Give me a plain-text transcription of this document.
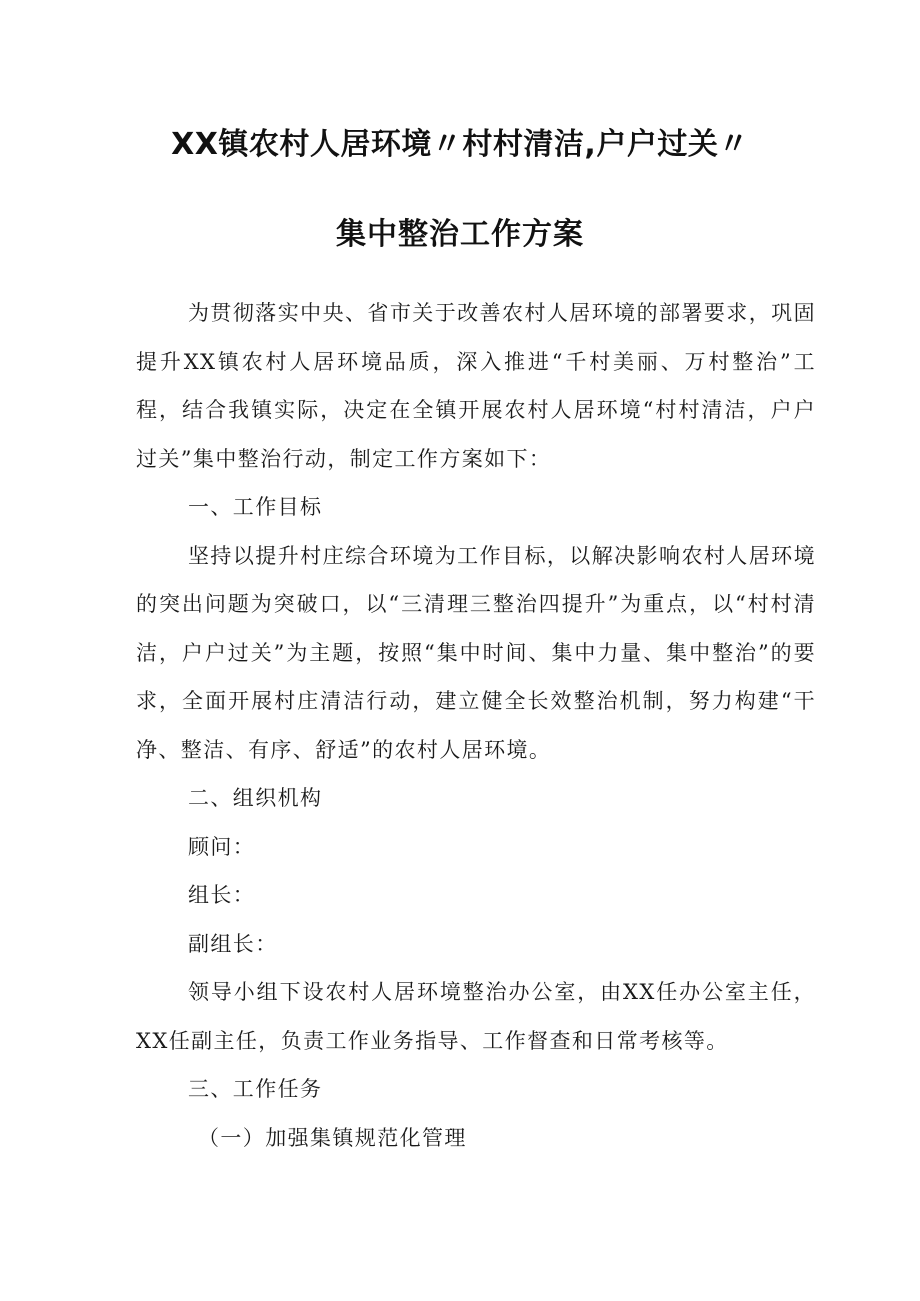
XX镇农村人居环境〃村村清洁,户户过关〃
集中整治工作方案

为贯彻落实中央、省市关于改善农村人居环境的部署要求，巩固提升XX镇农村人居环境品质，深入推进“千村美丽、万村整治”工程，结合我镇实际，决定在全镇开展农村人居环境“村村清洁，户户过关”集中整治行动，制定工作方案如下：

一、工作目标

坚持以提升村庄综合环境为工作目标，以解决影响农村人居环境的突出问题为突破口，以“三清理三整治四提升”为重点，以“村村清洁，户户过关”为主题，按照“集中时间、集中力量、集中整治”的要求，全面开展村庄清洁行动，建立健全长效整治机制，努力构建“干净、整洁、有序、舒适”的农村人居环境。

二、组织机构

顾问：

组长：

副组长：

领导小组下设农村人居环境整治办公室，由XX任办公室主任，XX任副主任，负责工作业务指导、工作督查和日常考核等。

三、工作任务

（一）加强集镇规范化管理
